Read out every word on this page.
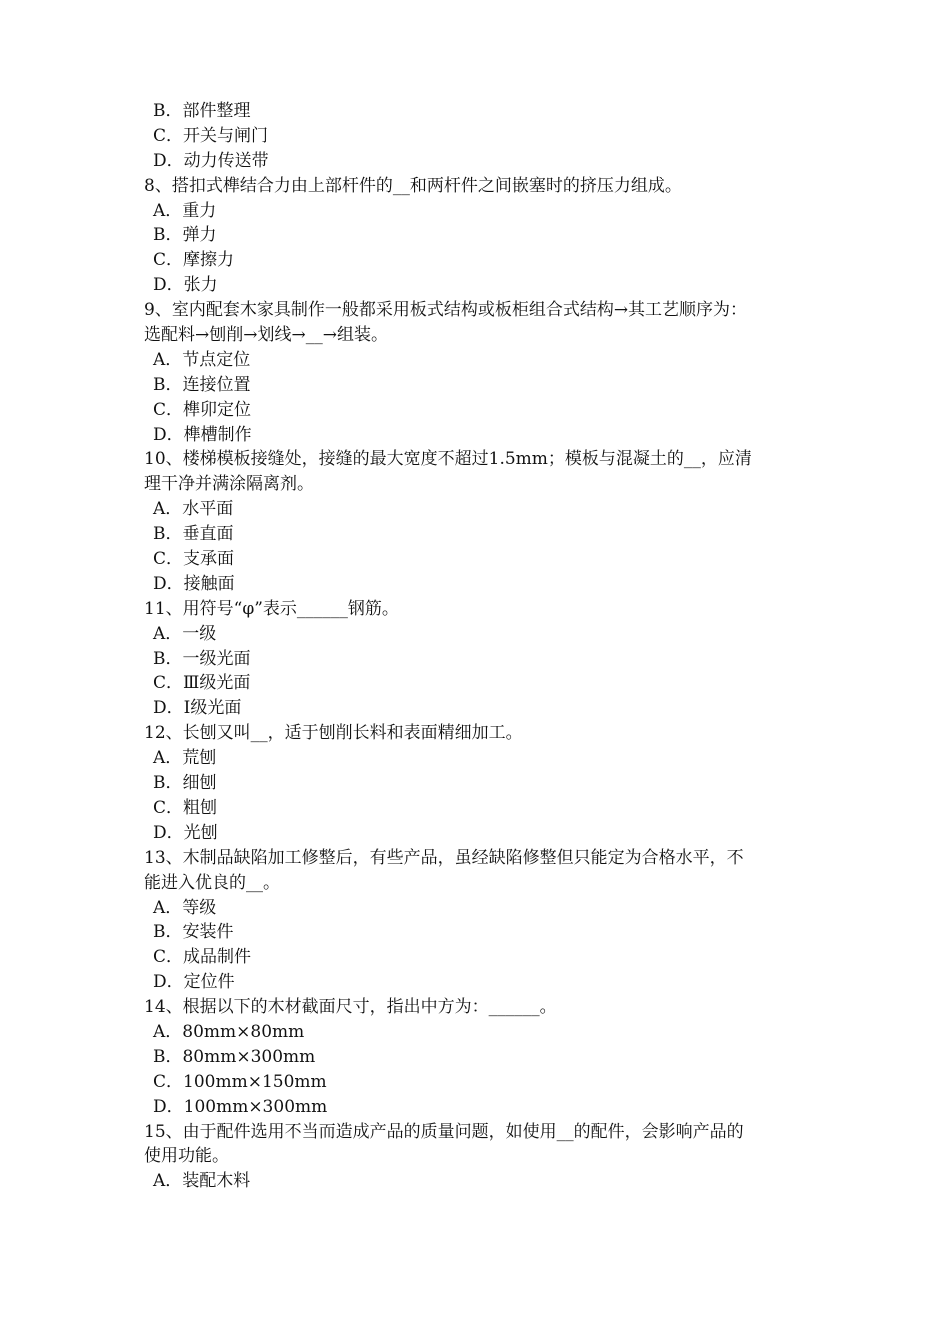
B．部件整理
C．开关与闸门
D．动力传送带
8、搭扣式榫结合力由上部杆件的__和两杆件之间嵌塞时的挤压力组成。
A．重力
B．弹力
C．摩擦力
D．张力
9、室内配套木家具制作一般都采用板式结构或板柜组合式结构→其工艺顺序为：
选配料→刨削→划线→__→组装。
A．节点定位
B．连接位置
C．榫卯定位
D．榫槽制作
10、楼梯模板接缝处，接缝的最大宽度不超过1.5mm；模板与混凝土的__，应清
理干净并满涂隔离剂。
A．水平面
B．垂直面
C．支承面
D．接触面
11、用符号“φ”表示______钢筋。
A．一级
B．一级光面
C．Ⅲ级光面
D．Ⅰ级光面
12、长刨又叫__，适于刨削长料和表面精细加工。
A．荒刨
B．细刨
C．粗刨
D．光刨
13、木制品缺陷加工修整后，有些产品，虽经缺陷修整但只能定为合格水平，不
能进入优良的__。
A．等级
B．安装件
C．成品制件
D．定位件
14、根据以下的木材截面尺寸，指出中方为：______。
A．80mm×80mm
B．80mm×300mm
C．100mm×150mm
D．100mm×300mm
15、由于配件选用不当而造成产品的质量问题，如使用__的配件，会影响产品的
使用功能。
A．装配木料
